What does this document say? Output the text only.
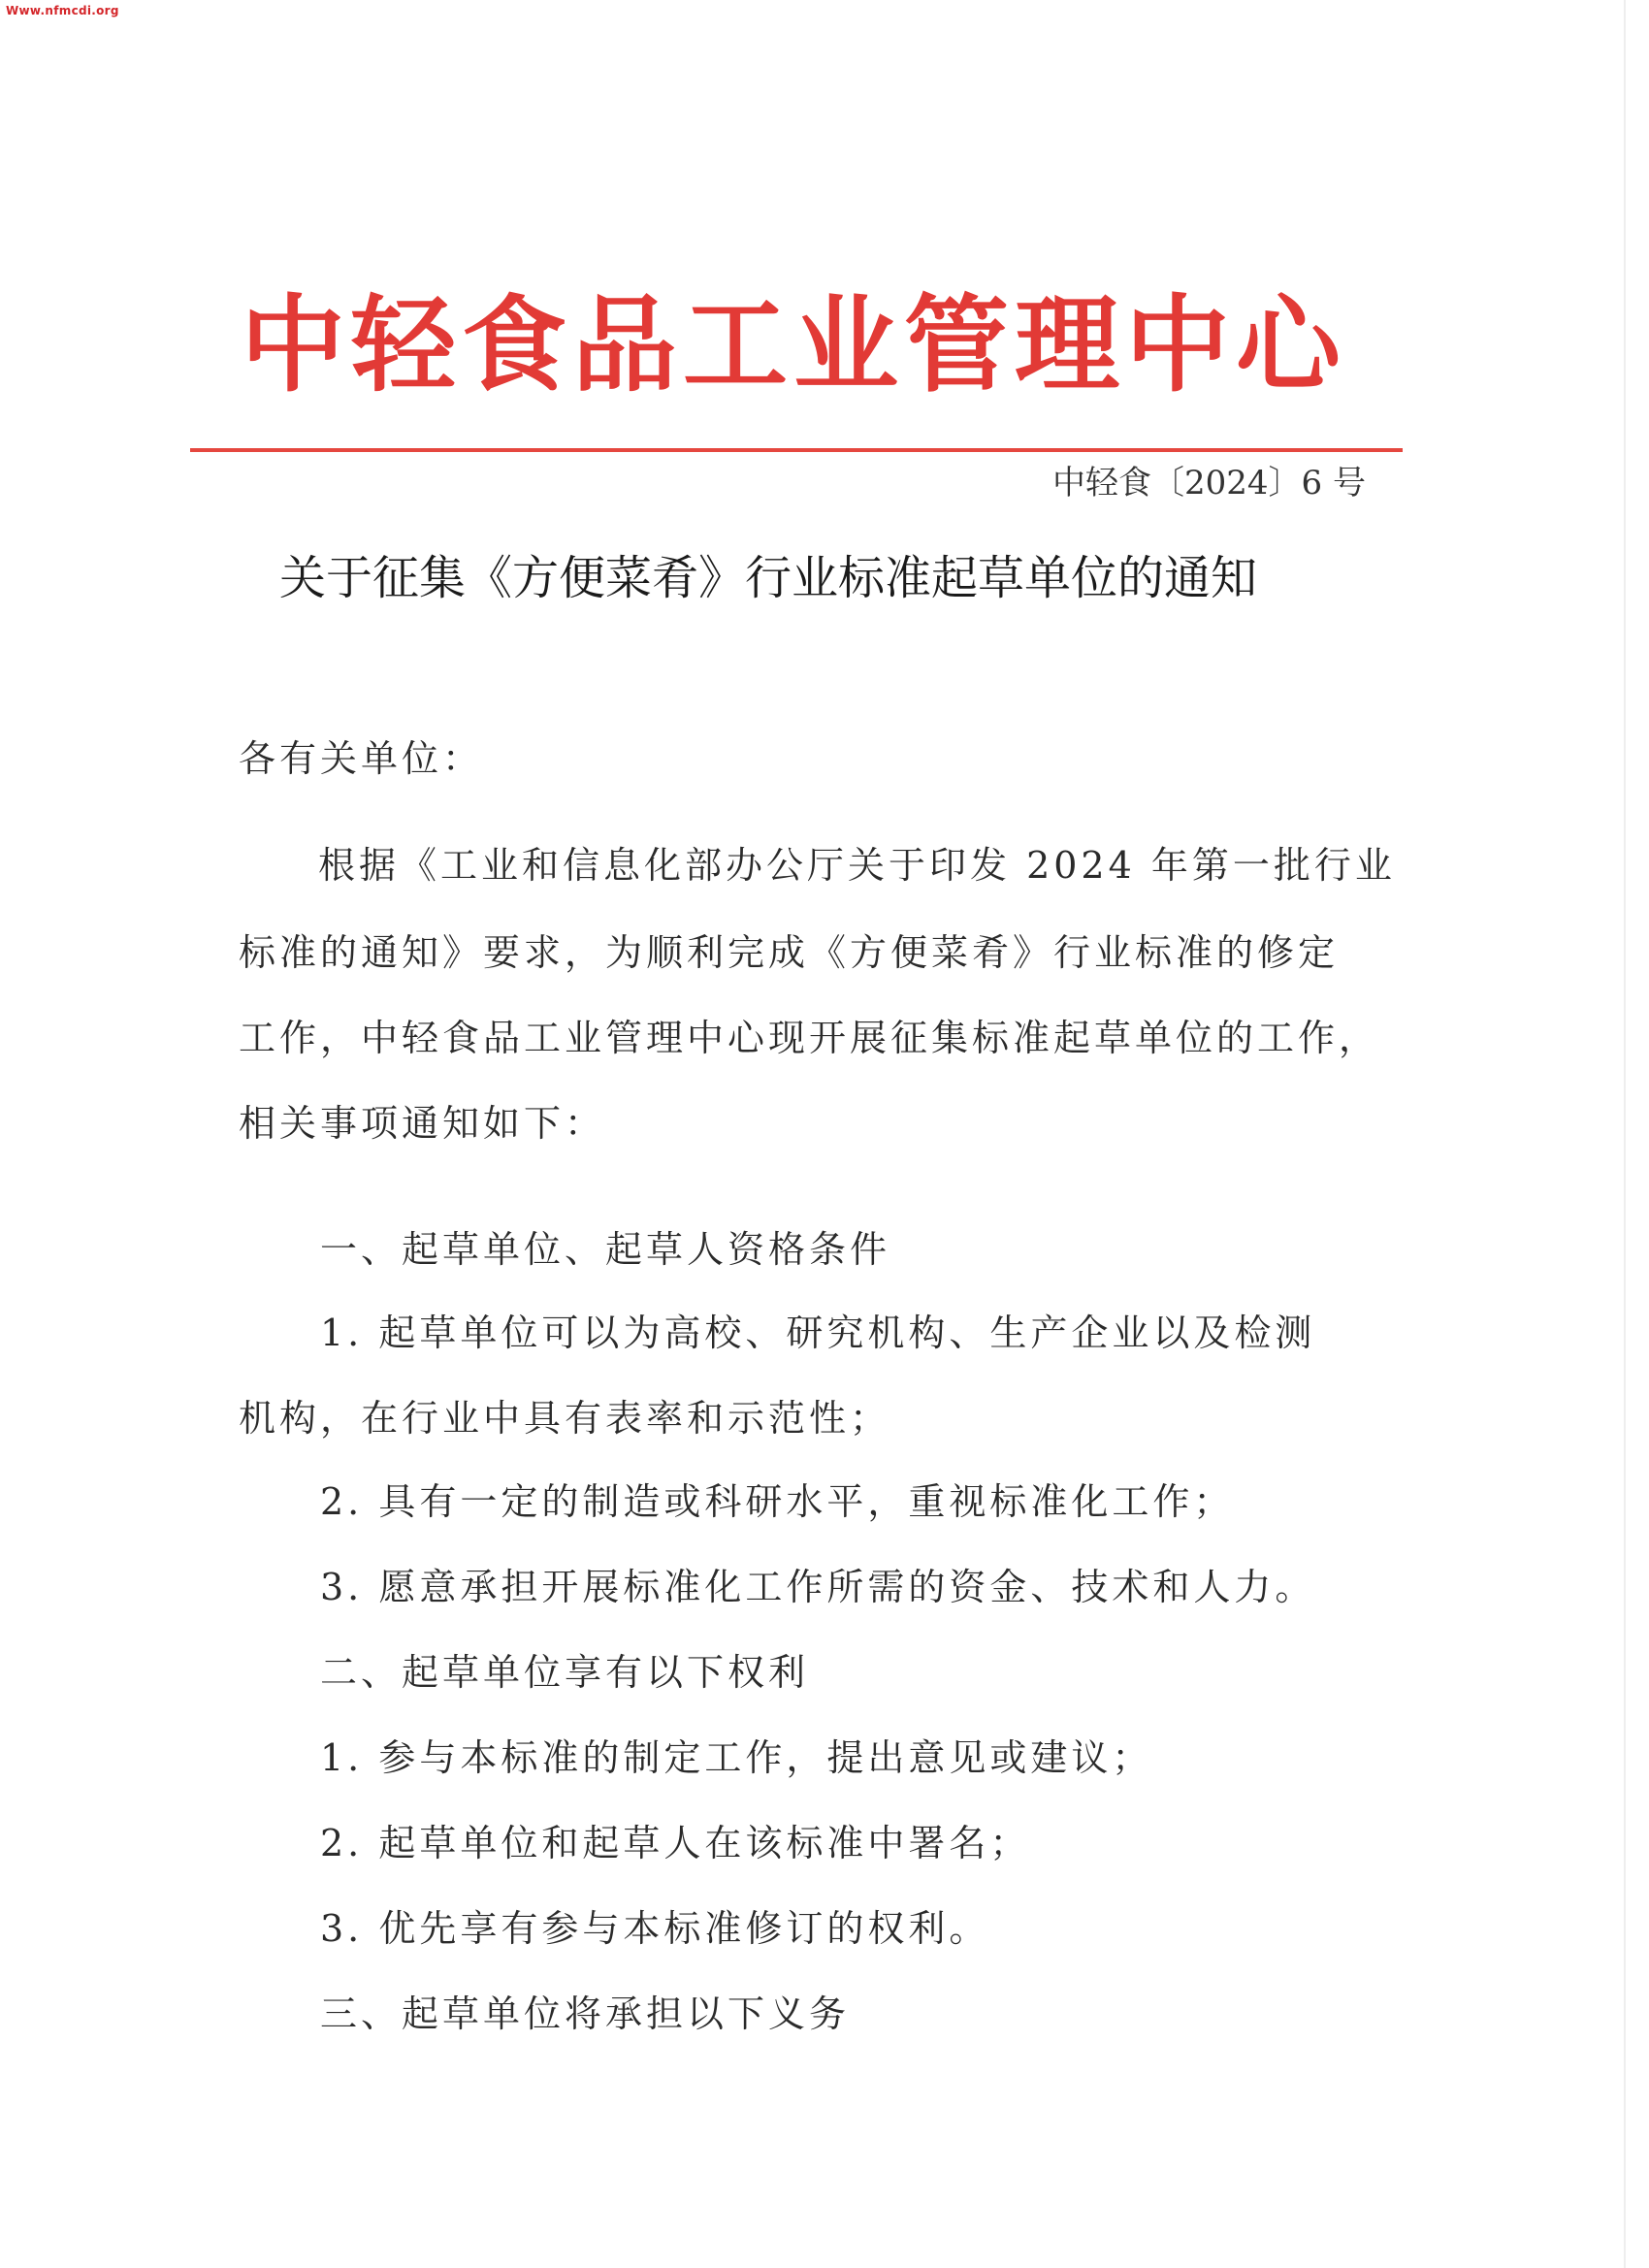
Www.nfmcdi.org
中轻食品工业管理中心
中轻食〔2024〕6 号
关于征集《方便菜肴》行业标准起草单位的通知
各有关单位：
根据《工业和信息化部办公厅关于印发 2024 年第一批行业
标准的通知》要求，为顺利完成《方便菜肴》行业标准的修定
工作，中轻食品工业管理中心现开展征集标准起草单位的工作，
相关事项通知如下：
一、起草单位、起草人资格条件
1. 起草单位可以为高校、研究机构、生产企业以及检测
机构，在行业中具有表率和示范性；
2. 具有一定的制造或科研水平，重视标准化工作；
3. 愿意承担开展标准化工作所需的资金、技术和人力。
二、起草单位享有以下权利
1. 参与本标准的制定工作，提出意见或建议；
2. 起草单位和起草人在该标准中署名；
3. 优先享有参与本标准修订的权利。
三、起草单位将承担以下义务
